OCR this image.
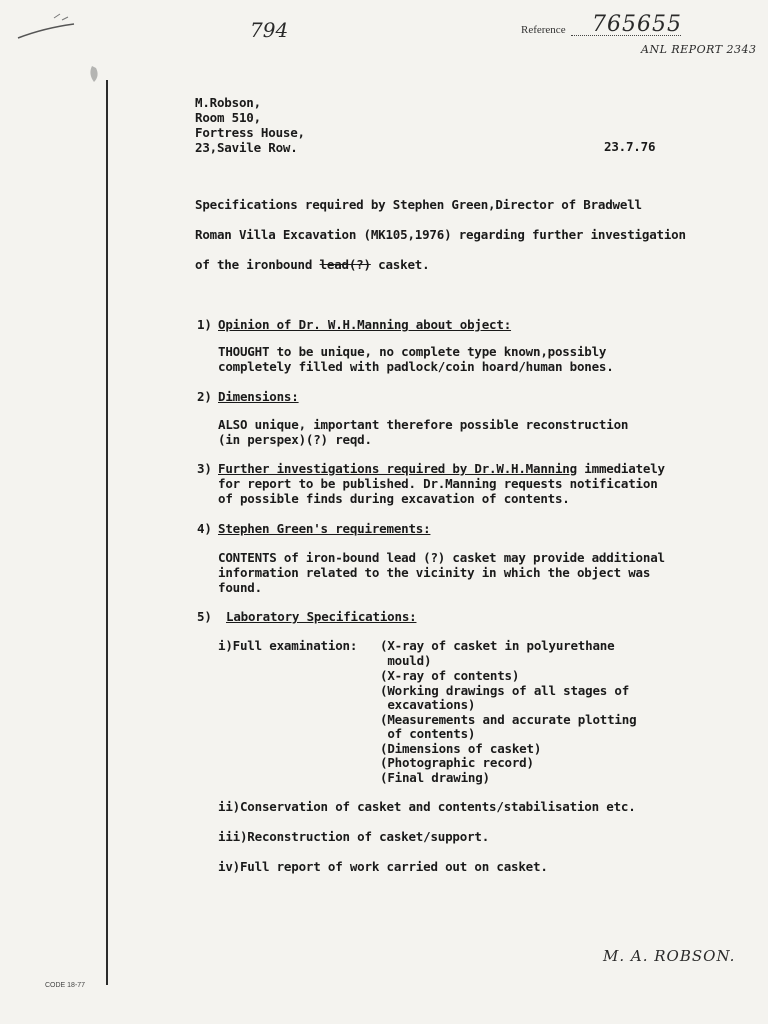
794	Reference 765655
ANL REPORT 2343
M.Robson,
Room 510,
Fortress House,
23,Savile Row.	23.7.76
Specifications required by Stephen Green,Director of Bradwell
Roman Villa Excavation (MK105,1976) regarding further investigation
of the ironbound lead(?) casket.
1) Opinion of Dr. W.H.Manning about object:
THOUGHT to be unique, no complete type known,possibly
completely filled with padlock/coin hoard/human bones.
2) Dimensions:
ALSO unique, important therefore possible reconstruction
(in perspex)(?) reqd.
3) Further investigations required by Dr.W.H.Manning immediately
for report to be published. Dr.Manning requests notification
of possible finds during excavation of contents.
4) Stephen Green's requirements:
CONTENTS of iron-bound lead (?) casket may provide additional
information related to the vicinity in which the object was
found.
5) Laboratory Specifications:
i)Full examination: (X-ray of casket in polyurethane
mould)
(X-ray of contents)
(Working drawings of all stages of
excavations)
(Measurements and accurate plotting
of contents)
(Dimensions of casket)
(Photographic record)
(Final drawing)
ii)Conservation of casket and contents/stabilisation etc.
iii)Reconstruction of casket/support.
iv)Full report of work carried out on casket.
M. A. ROBSON.
CODE 18-77
